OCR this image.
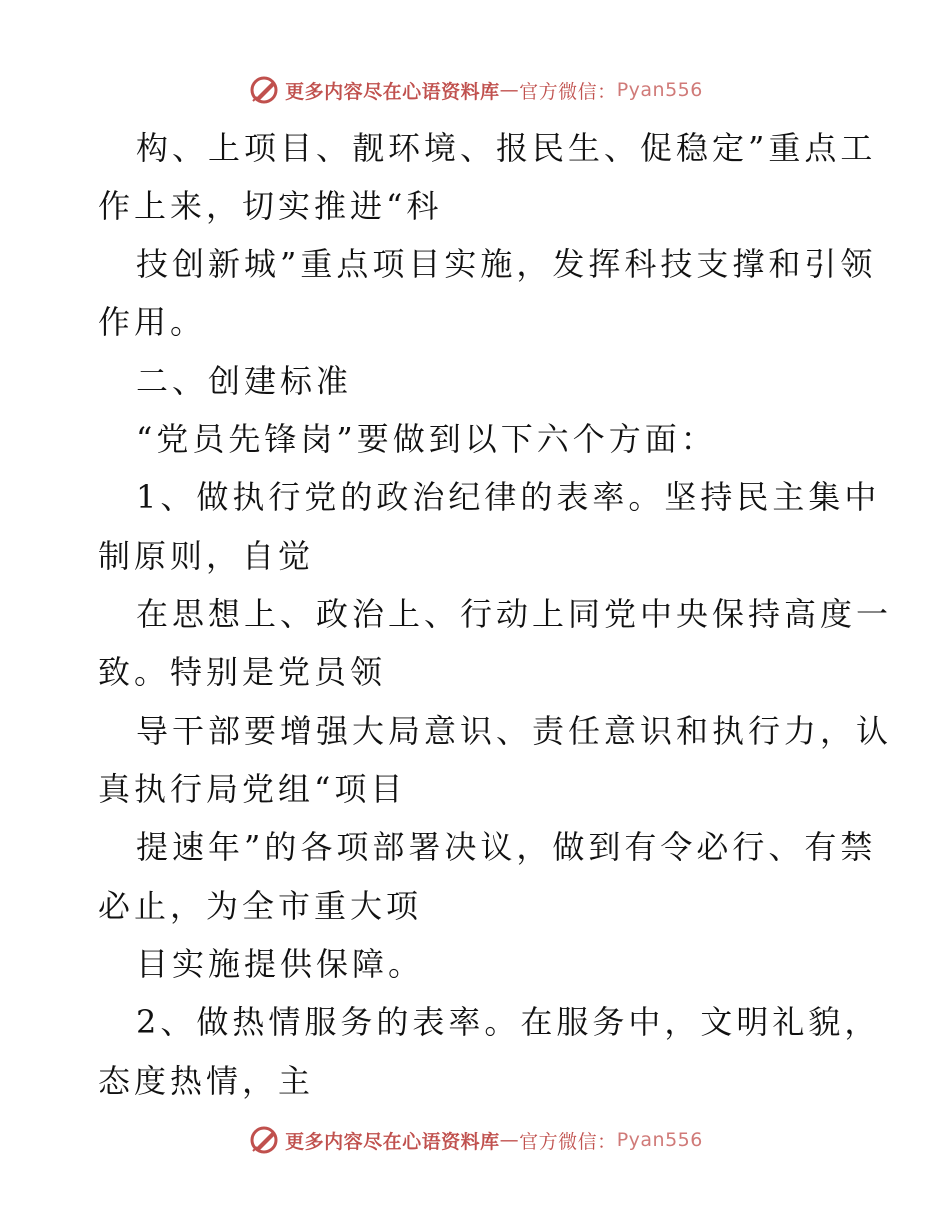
更多内容尽在心语资料库 — 官方微信： Pyan556
构、上项目、靓环境、报民生、促稳定”重点工
作上来，切实推进“科
技创新城”重点项目实施，发挥科技支撑和引领
作用。
二、创建标准
“党员先锋岗”要做到以下六个方面：
1、做执行党的政治纪律的表率。坚持民主集中
制原则，自觉
在思想上、政治上、行动上同党中央保持高度一
致。特别是党员领
导干部要增强大局意识、责任意识和执行力，认
真执行局党组“项目
提速年”的各项部署决议，做到有令必行、有禁
必止，为全市重大项
目实施提供保障。
2、做热情服务的表率。在服务中，文明礼貌，
态度热情，主
更多内容尽在心语资料库 — 官方微信： Pyan556
